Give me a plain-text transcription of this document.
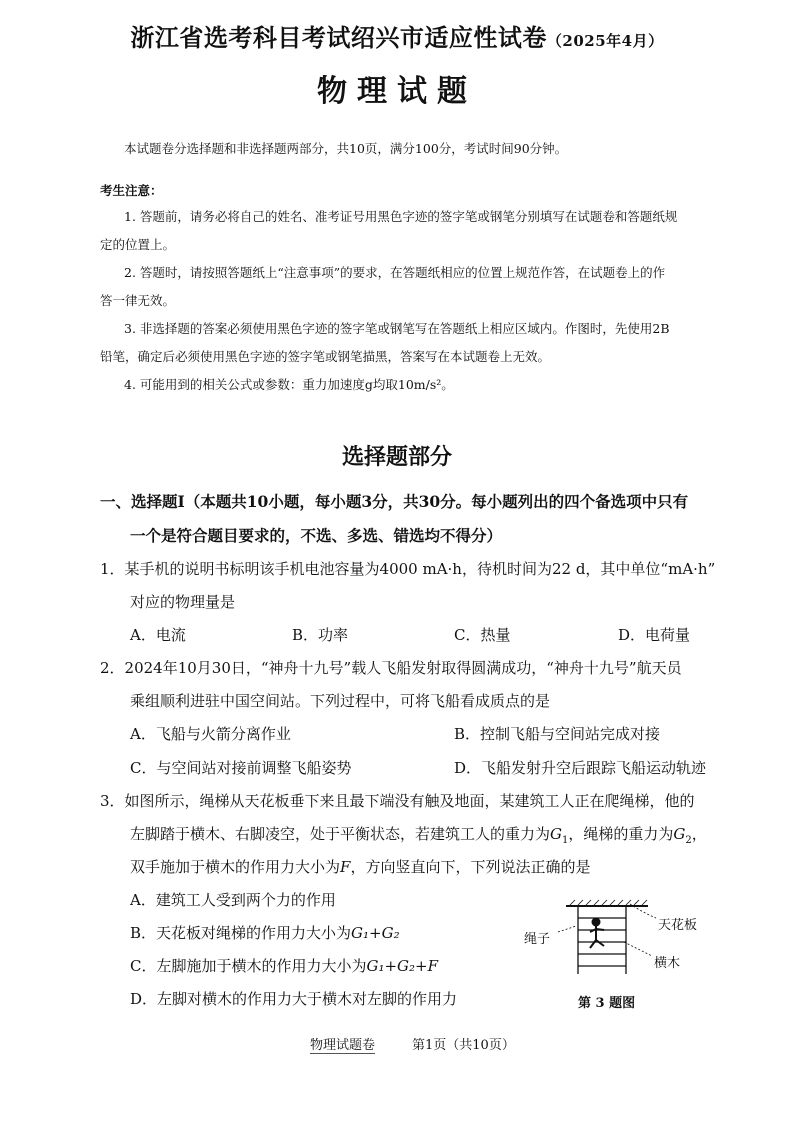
浙江省选考科目考试绍兴市适应性试卷（2025年4月）
物理试题
本试题卷分选择题和非选择题两部分，共10页，满分100分，考试时间90分钟。
考生注意：
1. 答题前，请务必将自己的姓名、准考证号用黑色字迹的签字笔或钢笔分别填写在试题卷和答题纸规
定的位置上。
2. 答题时，请按照答题纸上“注意事项”的要求，在答题纸相应的位置上规范作答，在试题卷上的作
答一律无效。
3. 非选择题的答案必须使用黑色字迹的签字笔或钢笔写在答题纸上相应区域内。作图时，先使用2B
铅笔，确定后必须使用黑色字迹的签字笔或钢笔描黑，答案写在本试题卷上无效。
4. 可能用到的相关公式或参数：重力加速度g均取10m/s²。
选择题部分
一、选择题Ⅰ（本题共10小题，每小题3分，共30分。每小题列出的四个备选项中只有
一个是符合题目要求的，不选、多选、错选均不得分）
1．某手机的说明书标明该手机电池容量为4000 mA·h，待机时间为22 d，其中单位“mA·h”
对应的物理量是
A．电流	B．功率	C．热量	D．电荷量
2．2024年10月30日，“神舟十九号”载人飞船发射取得圆满成功，“神舟十九号”航天员
乘组顺利进驻中国空间站。下列过程中，可将飞船看成质点的是
A．飞船与火箭分离作业	B．控制飞船与空间站完成对接
C．与空间站对接前调整飞船姿势	D．飞船发射升空后跟踪飞船运动轨迹
3．如图所示，绳梯从天花板垂下来且最下端没有触及地面，某建筑工人正在爬绳梯，他的
左脚踏于横木、右脚凌空，处于平衡状态，若建筑工人的重力为$G_1$，绳梯的重力为$G_2$，
双手施加于横木的作用力大小为F，方向竖直向下，下列说法正确的是
A．建筑工人受到两个力的作用
B．天花板对绳梯的作用力大小为G₁+G₂
C．左脚施加于横木的作用力大小为G₁+G₂+F
D．左脚对横木的作用力大于横木对左脚的作用力
天花板
绳子
横木
第 3 题图
物理试题卷	第1页（共10页）
